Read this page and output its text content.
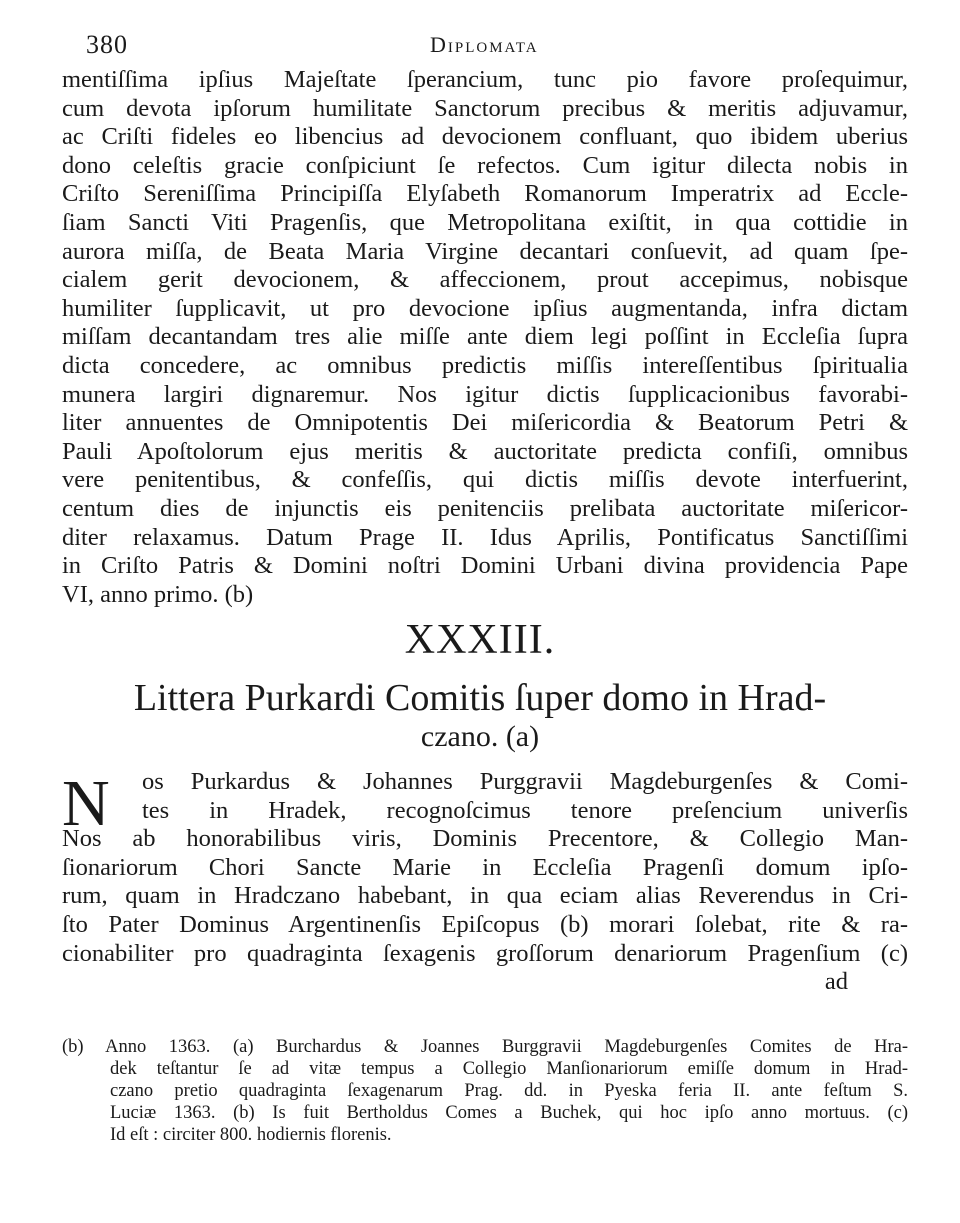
380	Diplomata
mentiſſima ipſius Majeſtate ſperancium, tunc pio favore proſequimur,
cum devota ipſorum humilitate Sanctorum precibus & meritis adjuvamur,
ac Criſti fideles eo libencius ad devocionem confluant, quo ibidem uberius
dono celeſtis gracie conſpiciunt ſe refectos. Cum igitur dilecta nobis in
Criſto Sereniſſima Principiſſa Elyſabeth Romanorum Imperatrix ad Eccle-
ſiam Sancti Viti Pragenſis, que Metropolitana exiſtit, in qua cottidie in
aurora miſſa, de Beata Maria Virgine decantari conſuevit, ad quam ſpe-
cialem gerit devocionem, & affeccionem, prout accepimus, nobisque
humiliter ſupplicavit, ut pro devocione ipſius augmentanda, infra dictam
miſſam decantandam tres alie miſſe ante diem legi poſſint in Eccleſia ſupra
dicta concedere, ac omnibus predictis miſſis intereſſentibus ſpiritualia
munera largiri dignaremur. Nos igitur dictis ſupplicacionibus favorabi-
liter annuentes de Omnipotentis Dei miſericordia & Beatorum Petri &
Pauli Apoſtolorum ejus meritis & auctoritate predicta confiſi, omnibus
vere penitentibus, & confeſſis, qui dictis miſſis devote interfuerint,
centum dies de injunctis eis penitenciis prelibata auctoritate miſericor-
diter relaxamus. Datum Prage II. Idus Aprilis, Pontificatus Sanctiſſimi
in Criſto Patris & Domini noſtri Domini Urbani divina providencia Pape
VI, anno primo. (b)
XXXIII.
Littera Purkardi Comitis ſuper domo in Hrad-
czano. (a)
N	os Purkardus & Johannes Purggravii Magdeburgenſes & Comi-
tes in Hradek, recognoſcimus tenore preſencium univerſis
Nos ab honorabilibus viris, Dominis Precentore, & Collegio Man-
ſionariorum Chori Sancte Marie in Eccleſia Pragenſi domum ipſo-
rum, quam in Hradczano habebant, in qua eciam alias Reverendus in Cri-
ſto Pater Dominus Argentinenſis Epiſcopus (b) morari ſolebat, rite & ra-
cionabiliter pro quadraginta ſexagenis groſſorum denariorum Pragenſium (c)
ad
(b) Anno 1363. (a) Burchardus & Joannes Burggravii Magdeburgenſes Comites de Hra-
dek teſtantur ſe ad vitæ tempus a Collegio Manſionariorum emiſſe domum in Hrad-
czano pretio quadraginta ſexagenarum Prag. dd. in Pyeska feria II. ante feſtum S.
Luciæ 1363. (b) Is fuit Bertholdus Comes a Buchek, qui hoc ipſo anno mortuus. (c)
Id eſt : circiter 800. hodiernis florenis.
